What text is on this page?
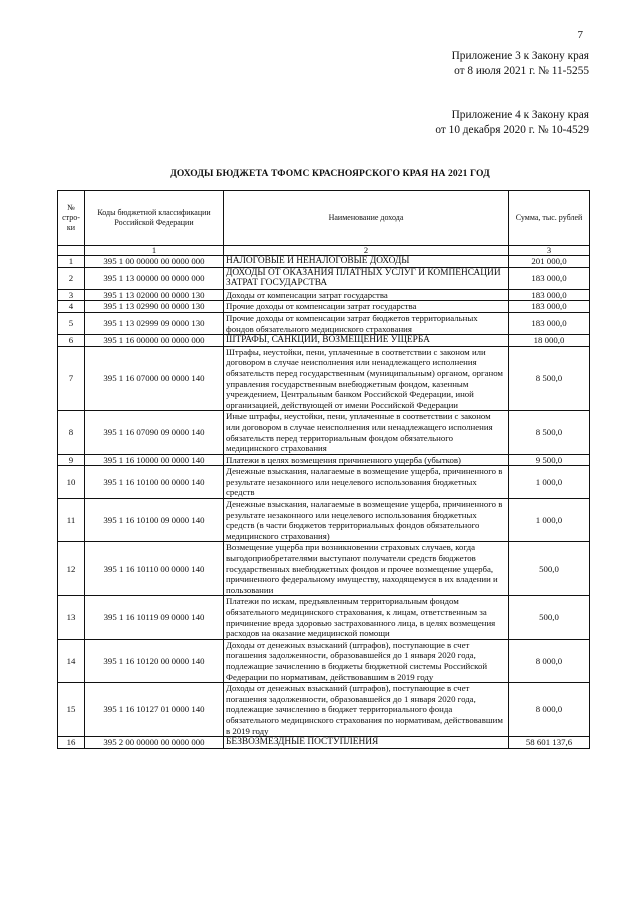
7
Приложение 3 к Закону края
от 8 июля 2021 г. № 11-5255
Приложение 4 к Закону края
от 10 декабря 2020 г. № 10-4529
ДОХОДЫ БЮДЖЕТА ТФОМС КРАСНОЯРСКОГО КРАЯ НА 2021 ГОД
№ стро-ки	Коды бюджетной классификации Российской Федерации	Наименование дохода	Сумма, тыс. рублей
	1	2	3
1	395 1 00 00000 00 0000 000	НАЛОГОВЫЕ И НЕНАЛОГОВЫЕ ДОХОДЫ	201 000,0
2	395 1 13 00000 00 0000 000	ДОХОДЫ ОТ ОКАЗАНИЯ ПЛАТНЫХ УСЛУГ И КОМПЕНСАЦИИ ЗАТРАТ ГОСУДАРСТВА	183 000,0
3	395 1 13 02000 00 0000 130	Доходы от компенсации затрат государства	183 000,0
4	395 1 13 02990 00 0000 130	Прочие доходы от компенсации затрат государства	183 000,0
5	395 1 13 02999 09 0000 130	Прочие доходы от компенсации затрат бюджетов территориальных фондов обязательного медицинского страхования	183 000,0
6	395 1 16 00000 00 0000 000	ШТРАФЫ, САНКЦИИ, ВОЗМЕЩЕНИЕ УЩЕРБА	18 000,0
7	395 1 16 07000 00 0000 140	Штрафы, неустойки, пени, уплаченные в соответствии с законом или договором в случае неисполнения или ненадлежащего исполнения обязательств перед государственным (муниципальным) органом, органом управления государственным внебюджетным фондом, казенным учреждением, Центральным банком Российской Федерации, иной организацией, действующей от имени Российской Федерации	8 500,0
8	395 1 16 07090 09 0000 140	Иные штрафы, неустойки, пени, уплаченные в соответствии с законом или договором в случае неисполнения или ненадлежащего исполнения обязательств перед территориальным фондом обязательного медицинского страхования	8 500,0
9	395 1 16 10000 00 0000 140	Платежи в целях возмещения причиненного ущерба (убытков)	9 500,0
10	395 1 16 10100 00 0000 140	Денежные взыскания, налагаемые в возмещение ущерба, причиненного в результате незаконного или нецелевого использования бюджетных средств	1 000,0
11	395 1 16 10100 09 0000 140	Денежные взыскания, налагаемые в возмещение ущерба, причиненного в результате незаконного или нецелевого использования бюджетных средств (в части бюджетов территориальных фондов обязательного медицинского страхования)	1 000,0
12	395 1 16 10110 00 0000 140	Возмещение ущерба при возникновении страховых случаев, когда выгодоприобретателями выступают получатели средств бюджетов государственных внебюджетных фондов и прочее возмещение ущерба, причиненного федеральному имуществу, находящемуся в их владении и пользовании	500,0
13	395 1 16 10119 09 0000 140	Платежи по искам, предъявленным территориальным фондом обязательного медицинского страхования, к лицам, ответственным за причинение вреда здоровью застрахованного лица, в целях возмещения расходов на оказание медицинской помощи	500,0
14	395 1 16 10120 00 0000 140	Доходы от денежных взысканий (штрафов), поступающие в счет погашения задолженности, образовавшейся до 1 января 2020 года, подлежащие зачислению в бюджеты бюджетной системы Российской Федерации по нормативам, действовавшим в 2019 году	8 000,0
15	395 1 16 10127 01 0000 140	Доходы от денежных взысканий (штрафов), поступающие в счет погашения задолженности, образовавшейся до 1 января 2020 года, подлежащие зачислению в бюджет территориального фонда обязательного медицинского страхования по нормативам, действовавшим в 2019 году	8 000,0
16	395 2 00 00000 00 0000 000	БЕЗВОЗМЕЗДНЫЕ ПОСТУПЛЕНИЯ	58 601 137,6
